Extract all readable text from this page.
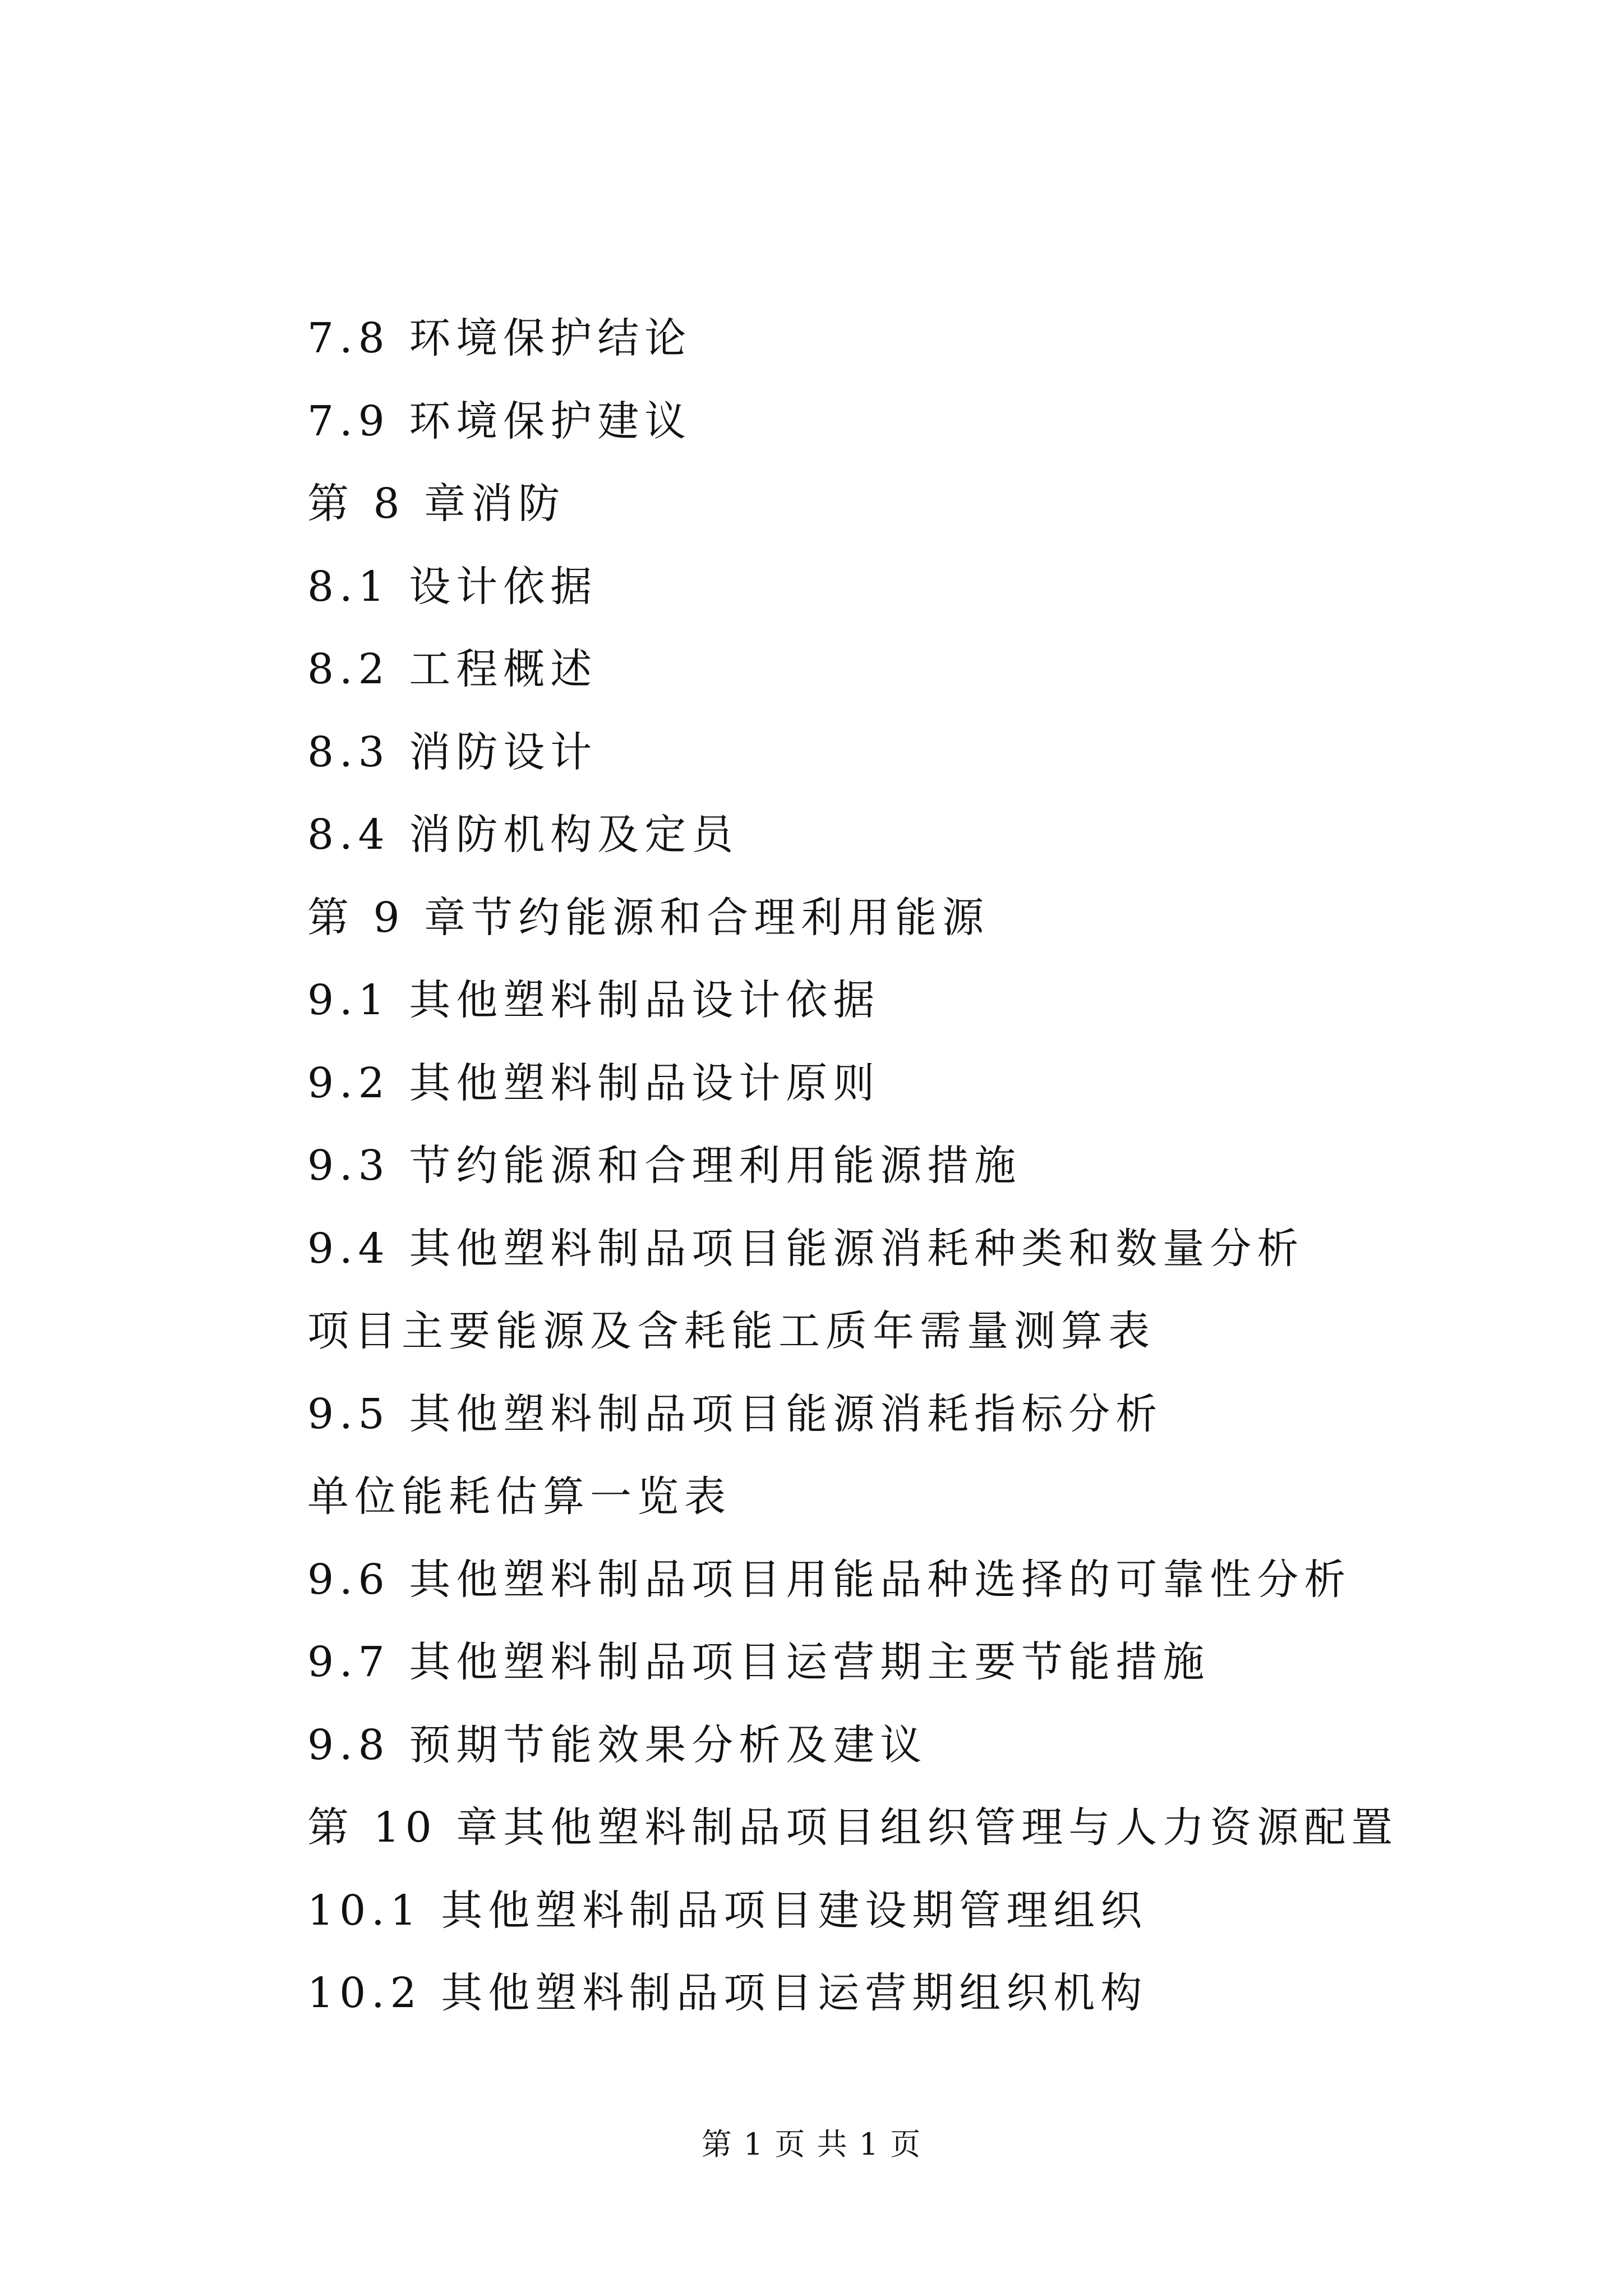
7.8 环境保护结论
7.9 环境保护建议
第 8 章消防
8.1 设计依据
8.2 工程概述
8.3 消防设计
8.4 消防机构及定员
第 9 章节约能源和合理利用能源
9.1 其他塑料制品设计依据
9.2 其他塑料制品设计原则
9.3 节约能源和合理利用能源措施
9.4 其他塑料制品项目能源消耗种类和数量分析
项目主要能源及含耗能工质年需量测算表
9.5 其他塑料制品项目能源消耗指标分析
单位能耗估算一览表
9.6 其他塑料制品项目用能品种选择的可靠性分析
9.7 其他塑料制品项目运营期主要节能措施
9.8 预期节能效果分析及建议
第 10 章其他塑料制品项目组织管理与人力资源配置
10.1 其他塑料制品项目建设期管理组织
10.2 其他塑料制品项目运营期组织机构
第 1 页 共 1 页
